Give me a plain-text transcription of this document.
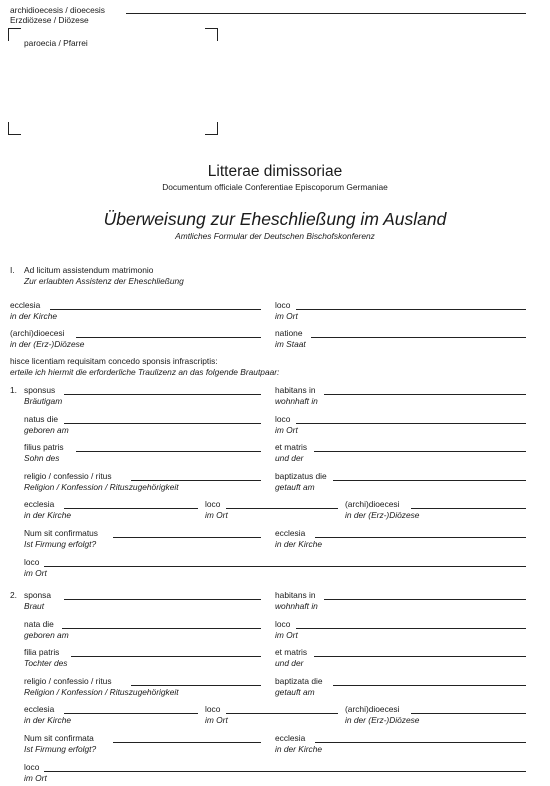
archidioecesis / dioecesis
Erzdiözese / Diözese
paroecia / Pfarrei
Litterae dimissoriae
Documentum officiale Conferentiae Episcoporum Germaniae
Überweisung zur Eheschließung im Ausland
Amtliches Formular der Deutschen Bischofskonferenz
I. Ad licitum assistendum matrimonio
Zur erlaubten Assistenz der Eheschließung
ecclesia
in der Kirche
loco
im Ort
(archi)dioecesi
in der (Erz-)Diözese
natione
im Staat
hisce licentiam requisitam concedo sponsis infrascriptis:
erteile ich hiermit die erforderliche Traulizenz an das folgende Brautpaar:
1. sponsus
Bräutigam
habitans in
wohnhaft in
natus die
geboren am
loco
im Ort
filius patris
Sohn des
et matris
und der
religio / confessio / ritus
Religion / Konfession / Rituszugehörigkeit
baptizatus die
getauft am
ecclesia
in der Kirche
loco
im Ort
(archi)dioecesi
in der (Erz-)Diözese
Num sit confirmatus
Ist Firmung erfolgt?
ecclesia
in der Kirche
loco
im Ort
2. sponsa
Braut
habitans in
wohnhaft in
nata die
geboren am
loco
im Ort
filia patris
Tochter des
et matris
und der
religio / confessio / ritus
Religion / Konfession / Rituszugehörigkeit
baptizata die
getauft am
ecclesia
in der Kirche
loco
im Ort
(archi)dioecesi
in der (Erz-)Diözese
Num sit confirmata
Ist Firmung erfolgt?
ecclesia
in der Kirche
loco
im Ort
